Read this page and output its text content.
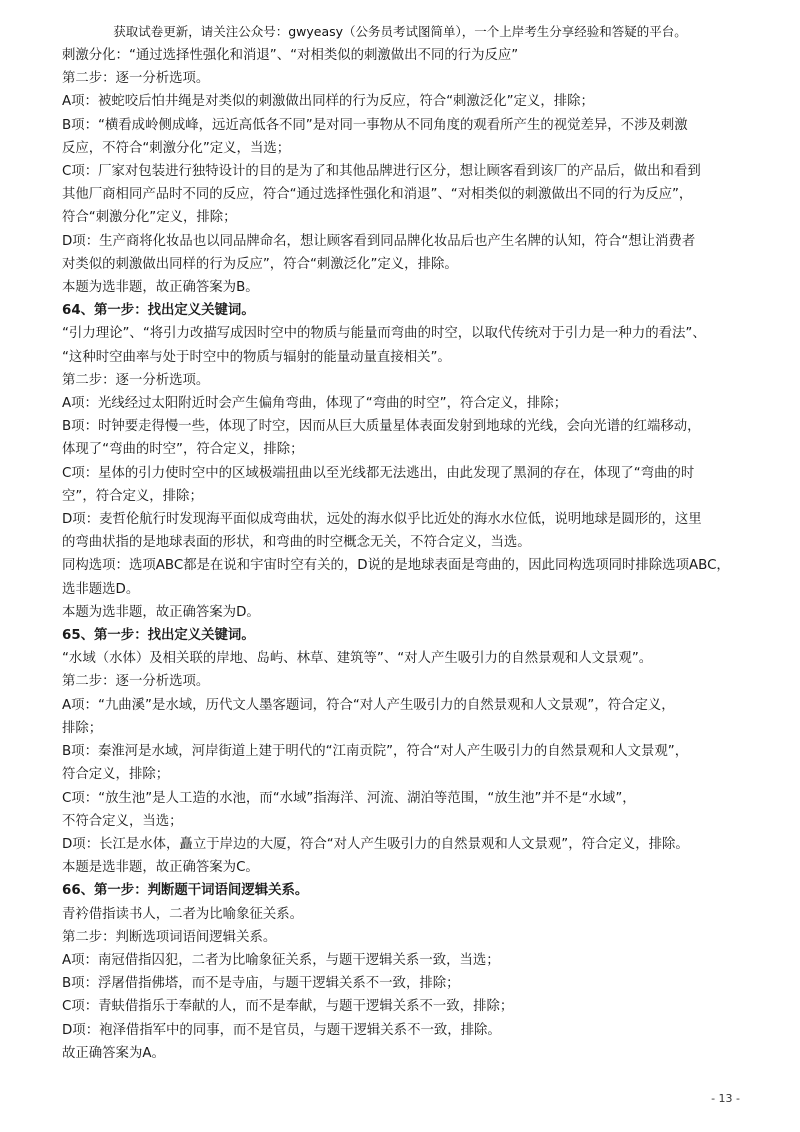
获取试卷更新，请关注公众号：gwyeasy（公务员考试图简单），一个上岸考生分享经验和答疑的平台。

刺激分化：“通过选择性强化和消退”、“对相类似的刺激做出不同的行为反应”

第二步：逐一分析选项。

A项：被蛇咬后怕井绳是对类似的刺激做出同样的行为反应，符合“刺激泛化”定义，排除；

B项：“横看成岭侧成峰，远近高低各不同”是对同一事物从不同角度的观看所产生的视觉差异，不涉及刺激

反应，不符合“刺激分化”定义，当选；

C项：厂家对包装进行独特设计的目的是为了和其他品牌进行区分，想让顾客看到该厂的产品后，做出和看到

其他厂商相同产品时不同的反应，符合“通过选择性强化和消退”、“对相类似的刺激做出不同的行为反应”，

符合“刺激分化”定义，排除；

D项：生产商将化妆品也以同品牌命名，想让顾客看到同品牌化妆品后也产生名牌的认知，符合“想让消费者

对类似的刺激做出同样的行为反应”，符合“刺激泛化”定义，排除。

本题为选非题，故正确答案为B。

64、第一步：找出定义关键词。

“引力理论”、“将引力改描写成因时空中的物质与能量而弯曲的时空，以取代传统对于引力是一种力的看法”、

“这种时空曲率与处于时空中的物质与辐射的能量动量直接相关”。

第二步：逐一分析选项。

A项：光线经过太阳附近时会产生偏角弯曲，体现了“弯曲的时空”，符合定义，排除；

B项：时钟要走得慢一些，体现了时空，因而从巨大质量星体表面发射到地球的光线，会向光谱的红端移动，

体现了“弯曲的时空”，符合定义，排除；

C项：星体的引力使时空中的区域极端扭曲以至光线都无法逃出，由此发现了黑洞的存在，体现了“弯曲的时

空”，符合定义，排除；

D项：麦哲伦航行时发现海平面似成弯曲状，远处的海水似乎比近处的海水水位低，说明地球是圆形的，这里

的弯曲状指的是地球表面的形状，和弯曲的时空概念无关，不符合定义，当选。

同构选项：选项ABC都是在说和宇宙时空有关的，D说的是地球表面是弯曲的，因此同构选项同时排除选项ABC，

选非题选D。

本题为选非题，故正确答案为D。

65、第一步：找出定义关键词。

“水域（水体）及相关联的岸地、岛屿、林草、建筑等”、“对人产生吸引力的自然景观和人文景观”。

第二步：逐一分析选项。

A项：“九曲溪”是水域，历代文人墨客题词，符合“对人产生吸引力的自然景观和人文景观”，符合定义，

排除；

B项：秦淮河是水域，河岸街道上建于明代的“江南贡院”，符合“对人产生吸引力的自然景观和人文景观”，

符合定义，排除；

C项：“放生池”是人工造的水池，而“水域”指海洋、河流、湖泊等范围，“放生池”并不是“水域”，

不符合定义，当选；

D项：长江是水体，矗立于岸边的大厦，符合“对人产生吸引力的自然景观和人文景观”，符合定义，排除。

本题是选非题，故正确答案为C。

66、第一步：判断题干词语间逻辑关系。

青衿借指读书人，二者为比喻象征关系。

第二步：判断选项词语间逻辑关系。

A项：南冠借指囚犯，二者为比喻象征关系，与题干逻辑关系一致，当选；

B项：浮屠借指佛塔，而不是寺庙，与题干逻辑关系不一致，排除；

C项：青蚨借指乐于奉献的人，而不是奉献，与题干逻辑关系不一致，排除；

D项：袍泽借指军中的同事，而不是官员，与题干逻辑关系不一致，排除。

故正确答案为A。

- 13 -
